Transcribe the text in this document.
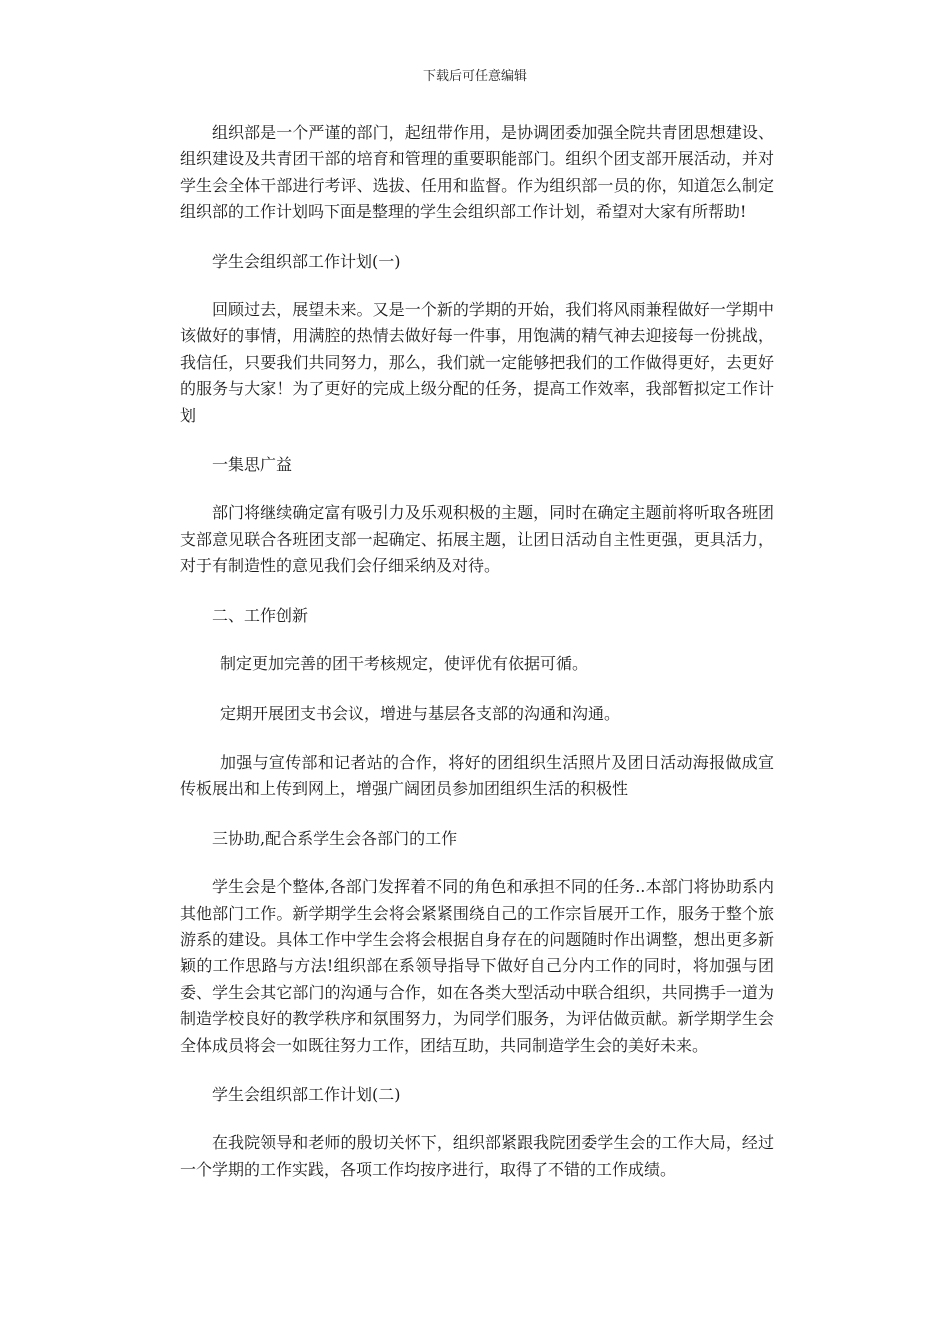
下载后可任意编辑

组织部是一个严谨的部门，起纽带作用，是协调团委加强全院共青团思想建设、组织建设及共青团干部的培育和管理的重要职能部门。组织个团支部开展活动，并对学生会全体干部进行考评、选拔、任用和监督。作为组织部一员的你，知道怎么制定组织部的工作计划吗下面是整理的学生会组织部工作计划，希望对大家有所帮助!

学生会组织部工作计划(一)

回顾过去，展望未来。又是一个新的学期的开始，我们将风雨兼程做好一学期中该做好的事情，用满腔的热情去做好每一件事，用饱满的精气神去迎接每一份挑战，我信任，只要我们共同努力，那么，我们就一定能够把我们的工作做得更好，去更好的服务与大家！为了更好的完成上级分配的任务，提高工作效率，我部暂拟定工作计划

一集思广益

部门将继续确定富有吸引力及乐观积极的主题，同时在确定主题前将听取各班团支部意见联合各班团支部一起确定、拓展主题，让团日活动自主性更强，更具活力，对于有制造性的意见我们会仔细采纳及对待。

二、工作创新

制定更加完善的团干考核规定，使评优有依据可循。

定期开展团支书会议，增进与基层各支部的沟通和沟通。

加强与宣传部和记者站的合作，将好的团组织生活照片及团日活动海报做成宣传板展出和上传到网上，增强广阔团员参加团组织生活的积极性

三协助,配合系学生会各部门的工作

学生会是个整体,各部门发挥着不同的角色和承担不同的任务..本部门将协助系内其他部门工作。新学期学生会将会紧紧围绕自己的工作宗旨展开工作，服务于整个旅游系的建设。具体工作中学生会将会根据自身存在的问题随时作出调整，想出更多新颖的工作思路与方法!组织部在系领导指导下做好自己分内工作的同时，将加强与团委、学生会其它部门的沟通与合作，如在各类大型活动中联合组织，共同携手一道为制造学校良好的教学秩序和氛围努力，为同学们服务，为评估做贡献。新学期学生会全体成员将会一如既往努力工作，团结互助，共同制造学生会的美好未来。

学生会组织部工作计划(二)

在我院领导和老师的殷切关怀下，组织部紧跟我院团委学生会的工作大局，经过一个学期的工作实践，各项工作均按序进行，取得了不错的工作成绩。
